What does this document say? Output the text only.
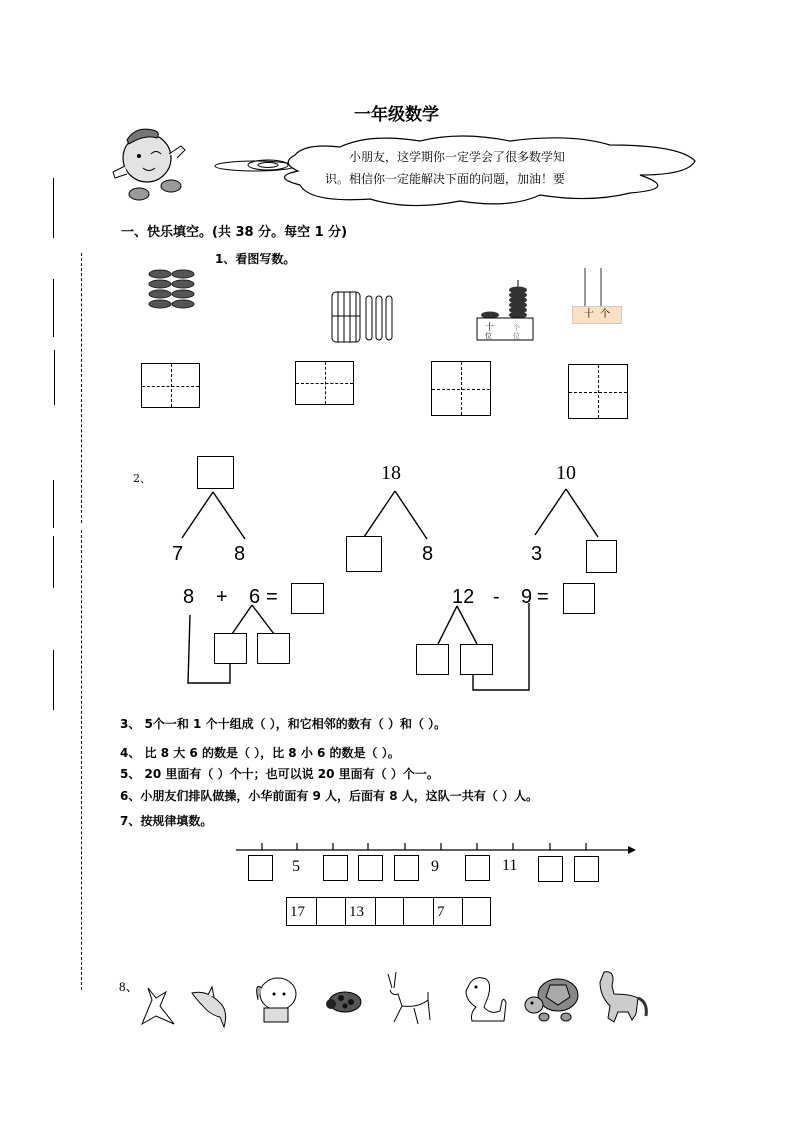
一年级数学
小朋友，这学期你一定学会了很多数学知
识。相信你一定能解决下面的问题，加油！要
一、快乐填空。(共 38 分。每空 1 分)
1、看图写数。
十
位
个
位
十 个
2、
7	8
18
8
10
3
8 + 6 =	12 - 9 =
3、 5个一和 1 个十组成（ ），和它相邻的数有（ ）和（ ）。
4、 比 8 大 6 的数是（ ），比 8 小 6 的数是（ ）。
5、 20 里面有（ ）个十；也可以说 20 里面有（ ）个一。
6、小朋友们排队做操，小华前面有 9 人，后面有 8 人，这队一共有（ ）人。
7、按规律填数。
5	9	11
17	13	7
8、
